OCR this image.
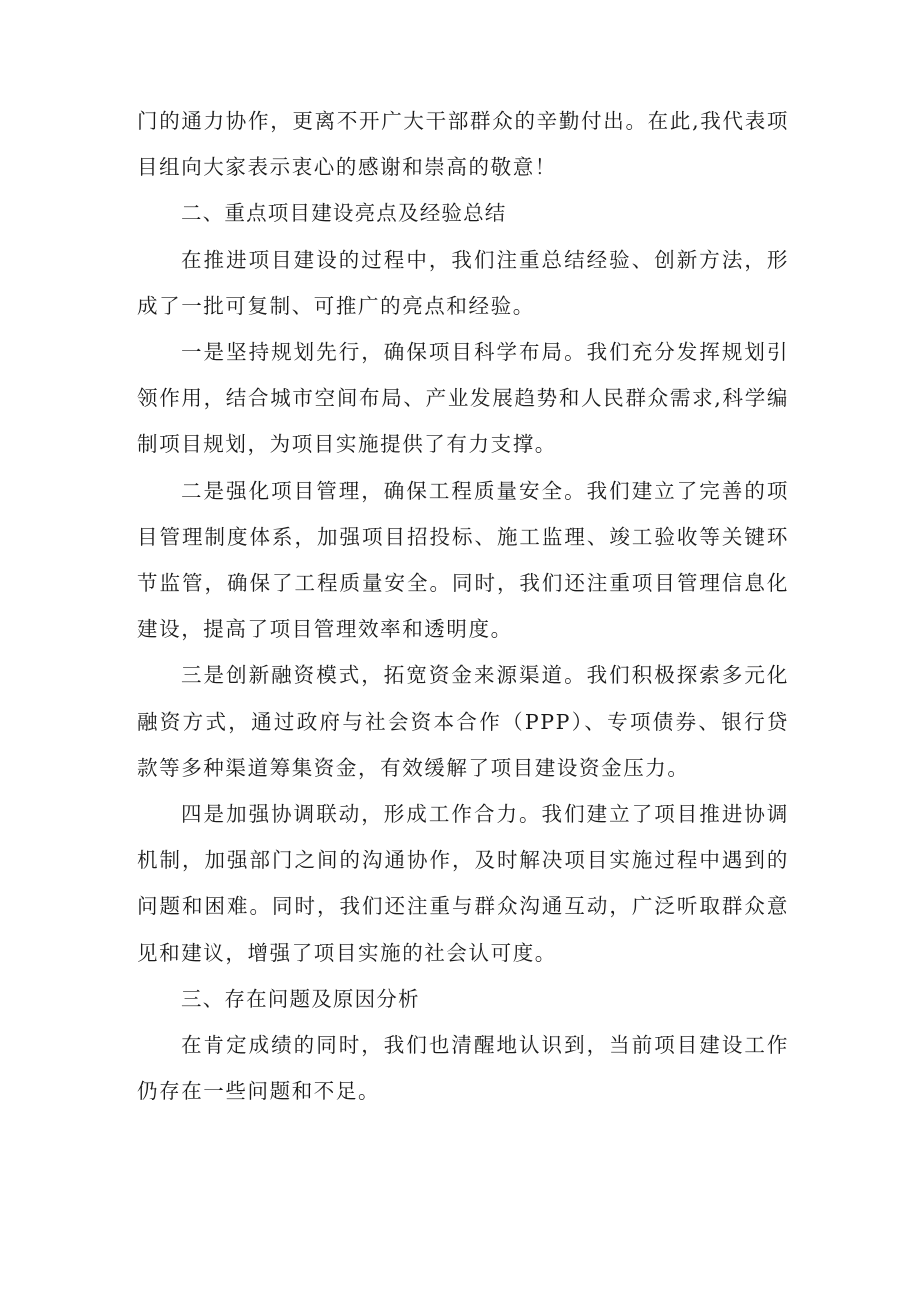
门的通力协作，更离不开广大干部群众的辛勤付出。在此,我代表项目组向大家表示衷心的感谢和崇高的敬意！

二、重点项目建设亮点及经验总结

在推进项目建设的过程中，我们注重总结经验、创新方法，形成了一批可复制、可推广的亮点和经验。

一是坚持规划先行，确保项目科学布局。我们充分发挥规划引领作用，结合城市空间布局、产业发展趋势和人民群众需求,科学编制项目规划，为项目实施提供了有力支撑。

二是强化项目管理，确保工程质量安全。我们建立了完善的项目管理制度体系，加强项目招投标、施工监理、竣工验收等关键环节监管，确保了工程质量安全。同时，我们还注重项目管理信息化建设，提高了项目管理效率和透明度。

三是创新融资模式，拓宽资金来源渠道。我们积极探索多元化融资方式，通过政府与社会资本合作（PPP）、专项债券、银行贷款等多种渠道筹集资金，有效缓解了项目建设资金压力。

四是加强协调联动，形成工作合力。我们建立了项目推进协调机制，加强部门之间的沟通协作，及时解决项目实施过程中遇到的问题和困难。同时，我们还注重与群众沟通互动，广泛听取群众意见和建议，增强了项目实施的社会认可度。

三、存在问题及原因分析

在肯定成绩的同时，我们也清醒地认识到，当前项目建设工作仍存在一些问题和不足。
